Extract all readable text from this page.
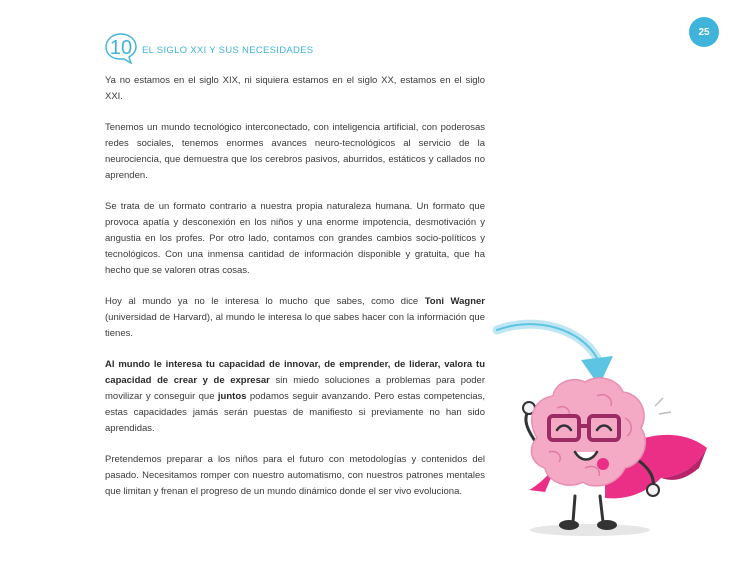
25
10	EL SIGLO XXI Y SUS NECESIDADES

Ya no estamos en el siglo XIX, ni siquiera estamos en el siglo XX, estamos en el siglo XXI.

Tenemos un mundo tecnológico interconectado, con inteligencia artificial, con poderosas redes sociales, tenemos enormes avances neuro-tecnológicos al servicio de la neurociencia, que demuestra que los cerebros pasivos, aburridos, estáticos y callados no aprenden.

Se trata de un formato contrario a nuestra propia naturaleza humana. Un formato que provoca apatía y desconexión en los niños y una enorme impotencia, desmotivación y angustia en los profes. Por otro lado, contamos con grandes cambios socio-políticos y tecnológicos. Con una inmensa cantidad de información disponible y gratuita, que ha hecho que se valoren otras cosas.

Hoy al mundo ya no le interesa lo mucho que sabes, como dice Toni Wagner (universidad de Harvard), al mundo le interesa lo que sabes hacer con la información que tienes.

Al mundo le interesa tu capacidad de innovar, de emprender, de liderar, valora tu capacidad de crear y de expresar sin miedo soluciones a problemas para poder movilizar y conseguir que juntos podamos seguir avanzando. Pero estas competencias, estas capacidades jamás serán puestas de manifiesto si previamente no han sido aprendidas.

Pretendemos preparar a los niños para el futuro con metodologías y contenidos del pasado. Necesitamos romper con nuestro automatismo, con nuestros patrones mentales que limitan y frenan el progreso de un mundo dinámico donde el ser vivo evoluciona.
